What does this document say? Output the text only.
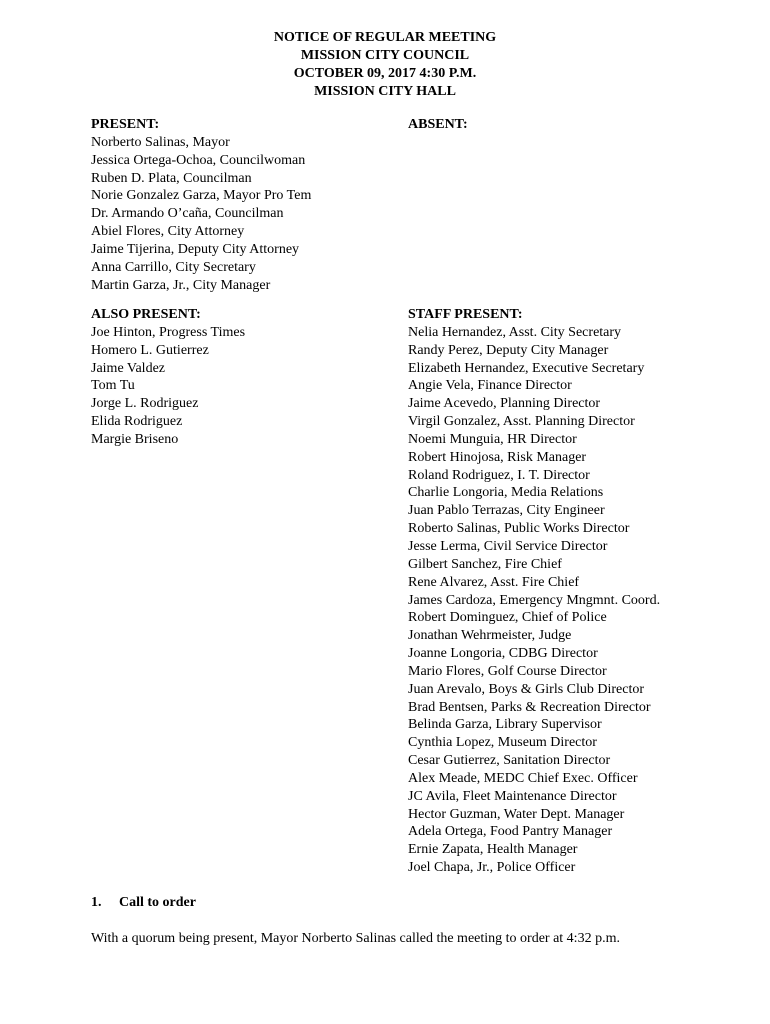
NOTICE OF REGULAR MEETING
MISSION CITY COUNCIL
OCTOBER 09, 2017 4:30 P.M.
MISSION CITY HALL
PRESENT:
Norberto Salinas, Mayor
Jessica Ortega-Ochoa, Councilwoman
Ruben D. Plata, Councilman
Norie Gonzalez Garza, Mayor Pro Tem
Dr. Armando O’caña, Councilman
Abiel Flores, City Attorney
Jaime Tijerina, Deputy City Attorney
Anna Carrillo, City Secretary
Martin Garza, Jr., City Manager
ABSENT:
ALSO PRESENT:
Joe Hinton, Progress Times
Homero L. Gutierrez
Jaime Valdez
Tom Tu
Jorge L. Rodriguez
Elida Rodriguez
Margie Briseno
STAFF PRESENT:
Nelia Hernandez, Asst. City Secretary
Randy Perez, Deputy City Manager
Elizabeth Hernandez, Executive Secretary
Angie Vela, Finance Director
Jaime Acevedo, Planning Director
Virgil Gonzalez, Asst. Planning Director
Noemi Munguia, HR Director
Robert Hinojosa, Risk Manager
Roland Rodriguez, I. T. Director
Charlie Longoria, Media Relations
Juan Pablo Terrazas, City Engineer
Roberto Salinas, Public Works Director
Jesse Lerma, Civil Service Director
Gilbert Sanchez, Fire Chief
Rene Alvarez, Asst. Fire Chief
James Cardoza, Emergency Mngmnt. Coord.
Robert Dominguez, Chief of Police
Jonathan Wehrmeister, Judge
Joanne Longoria, CDBG Director
Mario Flores, Golf Course Director
Juan Arevalo, Boys & Girls Club Director
Brad Bentsen, Parks & Recreation Director
Belinda Garza, Library Supervisor
Cynthia Lopez, Museum Director
Cesar Gutierrez, Sanitation Director
Alex Meade, MEDC Chief Exec. Officer
JC Avila, Fleet Maintenance Director
Hector Guzman, Water Dept. Manager
Adela Ortega, Food Pantry Manager
Ernie Zapata, Health Manager
Joel Chapa, Jr., Police Officer
1. Call to order
With a quorum being present, Mayor Norberto Salinas called the meeting to order at 4:32 p.m.
